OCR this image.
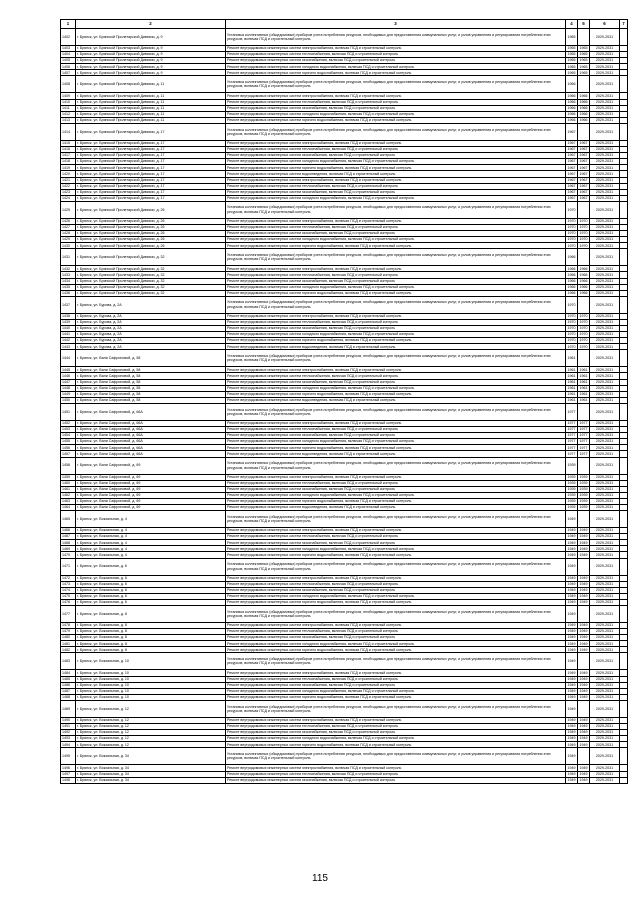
1	2	3	4	5	6	7
1402	г. Брянск, ул. Брянской Пролетарской Дивизии, д. 9	Установка коллективных (общедомовых) приборов учета потребления ресурсов, необходимых для предоставления коммунальных услуг, и узлов управления и регулирования потребления этих ресурсов, включая ПСД и строительный контроль	1965		2029-2031	
1403	г. Брянск, ул. Брянской Пролетарской Дивизии, д. 9	Ремонт внутридомовых инженерных систем электроснабжения, включая ПСД и строительный контроль	1965	1965	2029-2031	
1404	г. Брянск, ул. Брянской Пролетарской Дивизии, д. 9	Ремонт внутридомовых инженерных систем теплоснабжения, включая ПСД и строительный контроль	1965	1965	2029-2031	
1405	г. Брянск, ул. Брянской Пролетарской Дивизии, д. 9	Ремонт внутридомовых инженерных систем газоснабжения, включая ПСД и строительный контроль	1965	1965	2029-2031	
1406	г. Брянск, ул. Брянской Пролетарской Дивизии, д. 9	Ремонт внутридомовых инженерных систем холодного водоснабжения, включая ПСД и строительный контроль	1965	1965	2029-2031	
1407	г. Брянск, ул. Брянской Пролетарской Дивизии, д. 9	Ремонт внутридомовых инженерных систем горячего водоснабжения, включая ПСД и строительный контроль	1965	1965	2029-2031	
1408	г. Брянск, ул. Брянской Пролетарской Дивизии, д. 11	Установка коллективных (общедомовых) приборов учета потребления ресурсов, необходимых для предоставления коммунальных услуг, и узлов управления и регулирования потребления этих ресурсов, включая ПСД и строительный контроль	1966		2029-2031	
1409	г. Брянск, ул. Брянской Пролетарской Дивизии, д. 11	Ремонт внутридомовых инженерных систем электроснабжения, включая ПСД и строительный контроль	1966	1966	2029-2031	
1410	г. Брянск, ул. Брянской Пролетарской Дивизии, д. 11	Ремонт внутридомовых инженерных систем теплоснабжения, включая ПСД и строительный контроль	1966	1966	2029-2031	
1411	г. Брянск, ул. Брянской Пролетарской Дивизии, д. 11	Ремонт внутридомовых инженерных систем газоснабжения, включая ПСД и строительный контроль	1966	1966	2029-2031	
1412	г. Брянск, ул. Брянской Пролетарской Дивизии, д. 11	Ремонт внутридомовых инженерных систем холодного водоснабжения, включая ПСД и строительный контроль	1966	1966	2029-2031	
1413	г. Брянск, ул. Брянской Пролетарской Дивизии, д. 11	Ремонт внутридомовых инженерных систем горячего водоснабжения, включая ПСД и строительный контроль	1966	1966	2029-2031	
1414	г. Брянск, ул. Брянской Пролетарской Дивизии, д. 17	Установка коллективных (общедомовых) приборов учета потребления ресурсов, необходимых для предоставления коммунальных услуг, и узлов управления и регулирования потребления этих ресурсов, включая ПСД и строительный контроль	1967		2029-2031	
1415	г. Брянск, ул. Брянской Пролетарской Дивизии, д. 17	Ремонт внутридомовых инженерных систем электроснабжения, включая ПСД и строительный контроль	1967	1967	2029-2031	
1416	г. Брянск, ул. Брянской Пролетарской Дивизии, д. 17	Ремонт внутридомовых инженерных систем теплоснабжения, включая ПСД и строительный контроль	1967	1967	2029-2031	
1417	г. Брянск, ул. Брянской Пролетарской Дивизии, д. 17	Ремонт внутридомовых инженерных систем газоснабжения, включая ПСД и строительный контроль	1967	1967	2029-2031	
1418	г. Брянск, ул. Брянской Пролетарской Дивизии, д. 17	Ремонт внутридомовых инженерных систем холодного водоснабжения, включая ПСД и строительный контроль	1967	1967	2029-2031	
1419	г. Брянск, ул. Брянской Пролетарской Дивизии, д. 17	Ремонт внутридомовых инженерных систем горячего водоснабжения, включая ПСД и строительный контроль	1967	1967	2029-2031	
1420	г. Брянск, ул. Брянской Пролетарской Дивизии, д. 17	Ремонт внутридомовых инженерных систем водоотведения, включая ПСД и строительный контроль	1967	1967	2029-2031	
1421	г. Брянск, ул. Брянской Пролетарской Дивизии, д. 17	Ремонт внутридомовых инженерных систем электроснабжения, включая ПСД и строительный контроль	1967	1967	2029-2031	
1422	г. Брянск, ул. Брянской Пролетарской Дивизии, д. 17	Ремонт внутридомовых инженерных систем теплоснабжения, включая ПСД и строительный контроль	1967	1967	2029-2031	
1423	г. Брянск, ул. Брянской Пролетарской Дивизии, д. 17	Ремонт внутридомовых инженерных систем газоснабжения, включая ПСД и строительный контроль	1967	1967	2029-2031	
1424	г. Брянск, ул. Брянской Пролетарской Дивизии, д. 17	Ремонт внутридомовых инженерных систем холодного водоснабжения, включая ПСД и строительный контроль	1967	1967	2029-2031	
1425	г. Брянск, ул. Брянской Пролетарской Дивизии, д. 26	Установка коллективных (общедомовых) приборов учета потребления ресурсов, необходимых для предоставления коммунальных услуг, и узлов управления и регулирования потребления этих ресурсов, включая ПСД и строительный контроль	1970		2029-2031	
1426	г. Брянск, ул. Брянской Пролетарской Дивизии, д. 26	Ремонт внутридомовых инженерных систем электроснабжения, включая ПСД и строительный контроль	1970	1970	2029-2031	
1427	г. Брянск, ул. Брянской Пролетарской Дивизии, д. 26	Ремонт внутридомовых инженерных систем теплоснабжения, включая ПСД и строительный контроль	1970	1970	2029-2031	
1428	г. Брянск, ул. Брянской Пролетарской Дивизии, д. 26	Ремонт внутридомовых инженерных систем газоснабжения, включая ПСД и строительный контроль	1970	1970	2029-2031	
1429	г. Брянск, ул. Брянской Пролетарской Дивизии, д. 26	Ремонт внутридомовых инженерных систем холодного водоснабжения, включая ПСД и строительный контроль	1970	1970	2029-2031	
1430	г. Брянск, ул. Брянской Пролетарской Дивизии, д. 26	Ремонт внутридомовых инженерных систем горячего водоснабжения, включая ПСД и строительный контроль	1970	1970	2029-2031	
1431	г. Брянск, ул. Брянской Пролетарской Дивизии, д. 32	Установка коллективных (общедомовых) приборов учета потребления ресурсов, необходимых для предоставления коммунальных услуг, и узлов управления и регулирования потребления этих ресурсов, включая ПСД и строительный контроль	1966		2029-2031	
1432	г. Брянск, ул. Брянской Пролетарской Дивизии, д. 32	Ремонт внутридомовых инженерных систем электроснабжения, включая ПСД и строительный контроль	1966	1966	2029-2031	
1433	г. Брянск, ул. Брянской Пролетарской Дивизии, д. 32	Ремонт внутридомовых инженерных систем теплоснабжения, включая ПСД и строительный контроль	1966	1966	2029-2031	
1434	г. Брянск, ул. Брянской Пролетарской Дивизии, д. 32	Ремонт внутридомовых инженерных систем газоснабжения, включая ПСД и строительный контроль	1966	1966	2029-2031	
1435	г. Брянск, ул. Брянской Пролетарской Дивизии, д. 32	Ремонт внутридомовых инженерных систем холодного водоснабжения, включая ПСД и строительный контроль	1966	1966	2029-2031	
1436	г. Брянск, ул. Брянской Пролетарской Дивизии, д. 32	Ремонт внутридомовых инженерных систем горячего водоснабжения, включая ПСД и строительный контроль	1966	1966	2029-2031	
1437	г. Брянск, ул. Бурова, д. 2А	Установка коллективных (общедомовых) приборов учета потребления ресурсов, необходимых для предоставления коммунальных услуг, и узлов управления и регулирования потребления этих ресурсов, включая ПСД и строительный контроль	1970		2029-2031	
1438	г. Брянск, ул. Бурова, д. 2А	Ремонт внутридомовых инженерных систем электроснабжения, включая ПСД и строительный контроль	1970	1970	2029-2031	
1439	г. Брянск, ул. Бурова, д. 2А	Ремонт внутридомовых инженерных систем теплоснабжения, включая ПСД и строительный контроль	1970	1970	2029-2031	
1440	г. Брянск, ул. Бурова, д. 2А	Ремонт внутридомовых инженерных систем газоснабжения, включая ПСД и строительный контроль	1970	1970	2029-2031	
1441	г. Брянск, ул. Бурова, д. 2А	Ремонт внутридомовых инженерных систем холодного водоснабжения, включая ПСД и строительный контроль	1970	1970	2029-2031	
1442	г. Брянск, ул. Бурова, д. 2А	Ремонт внутридомовых инженерных систем горячего водоснабжения, включая ПСД и строительный контроль	1970	1970	2029-2031	
1443	г. Брянск, ул. Бурова, д. 2А	Ремонт внутридомовых инженерных систем водоотведения, включая ПСД и строительный контроль	1970	1970	2029-2031	
1444	г. Брянск, ул. Вали Сафроновой, д. 58	Установка коллективных (общедомовых) приборов учета потребления ресурсов, необходимых для предоставления коммунальных услуг, и узлов управления и регулирования потребления этих ресурсов, включая ПСД и строительный контроль	1961		2029-2031	
1445	г. Брянск, ул. Вали Сафроновой, д. 58	Ремонт внутридомовых инженерных систем электроснабжения, включая ПСД и строительный контроль	1961	1961	2029-2031	
1446	г. Брянск, ул. Вали Сафроновой, д. 58	Ремонт внутридомовых инженерных систем теплоснабжения, включая ПСД и строительный контроль	1961	1961	2029-2031	
1447	г. Брянск, ул. Вали Сафроновой, д. 58	Ремонт внутридомовых инженерных систем газоснабжения, включая ПСД и строительный контроль	1961	1961	2029-2031	
1448	г. Брянск, ул. Вали Сафроновой, д. 58	Ремонт внутридомовых инженерных систем холодного водоснабжения, включая ПСД и строительный контроль	1961	1961	2029-2031	
1449	г. Брянск, ул. Вали Сафроновой, д. 58	Ремонт внутридомовых инженерных систем горячего водоснабжения, включая ПСД и строительный контроль	1961	1961	2029-2031	
1450	г. Брянск, ул. Вали Сафроновой, д. 58	Ремонт внутридомовых инженерных систем водоотведения, включая ПСД и строительный контроль	1961	1961	2029-2031	
1451	г. Брянск, ул. Вали Сафроновой, д. 66А	Установка коллективных (общедомовых) приборов учета потребления ресурсов, необходимых для предоставления коммунальных услуг, и узлов управления и регулирования потребления этих ресурсов, включая ПСД и строительный контроль	1977		2029-2031	
1452	г. Брянск, ул. Вали Сафроновой, д. 66А	Ремонт внутридомовых инженерных систем электроснабжения, включая ПСД и строительный контроль	1977	1977	2029-2031	
1453	г. Брянск, ул. Вали Сафроновой, д. 66А	Ремонт внутридомовых инженерных систем теплоснабжения, включая ПСД и строительный контроль	1977	1977	2029-2031	
1454	г. Брянск, ул. Вали Сафроновой, д. 66А	Ремонт внутридомовых инженерных систем газоснабжения, включая ПСД и строительный контроль	1977	1977	2029-2031	
1455	г. Брянск, ул. Вали Сафроновой, д. 66А	Ремонт внутридомовых инженерных систем холодного водоснабжения, включая ПСД и строительный контроль	1977	1977	2029-2031	
1456	г. Брянск, ул. Вали Сафроновой, д. 66А	Ремонт внутридомовых инженерных систем горячего водоснабжения, включая ПСД и строительный контроль	1977	1977	2029-2031	
1457	г. Брянск, ул. Вали Сафроновой, д. 66А	Ремонт внутридомовых инженерных систем водоотведения, включая ПСД и строительный контроль	1977	1977	2029-2031	
1458	г. Брянск, ул. Вали Сафроновой, д. 69	Установка коллективных (общедомовых) приборов учета потребления ресурсов, необходимых для предоставления коммунальных услуг, и узлов управления и регулирования потребления этих ресурсов, включая ПСД и строительный контроль	1939		2029-2031	
1459	г. Брянск, ул. Вали Сафроновой, д. 69	Ремонт внутридомовых инженерных систем электроснабжения, включая ПСД и строительный контроль	1939	1939	2029-2031	
1460	г. Брянск, ул. Вали Сафроновой, д. 69	Ремонт внутридомовых инженерных систем теплоснабжения, включая ПСД и строительный контроль	1939	1939	2029-2031	
1461	г. Брянск, ул. Вали Сафроновой, д. 69	Ремонт внутридомовых инженерных систем газоснабжения, включая ПСД и строительный контроль	1939	1939	2029-2031	
1462	г. Брянск, ул. Вали Сафроновой, д. 69	Ремонт внутридомовых инженерных систем холодного водоснабжения, включая ПСД и строительный контроль	1939	1939	2029-2031	
1463	г. Брянск, ул. Вали Сафроновой, д. 69	Ремонт внутридомовых инженерных систем горячего водоснабжения, включая ПСД и строительный контроль	1939	1939	2029-2031	
1464	г. Брянск, ул. Вали Сафроновой, д. 69	Ремонт внутридомовых инженерных систем водоотведения, включая ПСД и строительный контроль	1939	1939	2029-2031	
1465	г. Брянск, ул. Вокзальная, д. 4	Установка коллективных (общедомовых) приборов учета потребления ресурсов, необходимых для предоставления коммунальных услуг, и узлов управления и регулирования потребления этих ресурсов, включая ПСД и строительный контроль	1949		2029-2031	
1466	г. Брянск, ул. Вокзальная, д. 4	Ремонт внутридомовых инженерных систем электроснабжения, включая ПСД и строительный контроль	1949	1949	2029-2031	
1467	г. Брянск, ул. Вокзальная, д. 4	Ремонт внутридомовых инженерных систем теплоснабжения, включая ПСД и строительный контроль	1949	1949	2029-2031	
1468	г. Брянск, ул. Вокзальная, д. 4	Ремонт внутридомовых инженерных систем газоснабжения, включая ПСД и строительный контроль	1949	1949	2029-2031	
1469	г. Брянск, ул. Вокзальная, д. 4	Ремонт внутридомовых инженерных систем холодного водоснабжения, включая ПСД и строительный контроль	1949	1949	2029-2031	
1470	г. Брянск, ул. Вокзальная, д. 4	Ремонт внутридомовых инженерных систем горячего водоснабжения, включая ПСД и строительный контроль	1949	1949	2029-2031	
1471	г. Брянск, ул. Вокзальная, д. 6	Установка коллективных (общедомовых) приборов учета потребления ресурсов, необходимых для предоставления коммунальных услуг, и узлов управления и регулирования потребления этих ресурсов, включая ПСД и строительный контроль	1949		2029-2031	
1472	г. Брянск, ул. Вокзальная, д. 6	Ремонт внутридомовых инженерных систем электроснабжения, включая ПСД и строительный контроль	1949	1949	2029-2031	
1473	г. Брянск, ул. Вокзальная, д. 6	Ремонт внутридомовых инженерных систем теплоснабжения, включая ПСД и строительный контроль	1949	1949	2029-2031	
1474	г. Брянск, ул. Вокзальная, д. 6	Ремонт внутридомовых инженерных систем газоснабжения, включая ПСД и строительный контроль	1949	1949	2029-2031	
1475	г. Брянск, ул. Вокзальная, д. 6	Ремонт внутридомовых инженерных систем холодного водоснабжения, включая ПСД и строительный контроль	1949	1949	2029-2031	
1476	г. Брянск, ул. Вокзальная, д. 6	Ремонт внутридомовых инженерных систем горячего водоснабжения, включая ПСД и строительный контроль	1949	1949	2029-2031	
1477	г. Брянск, ул. Вокзальная, д. 8	Установка коллективных (общедомовых) приборов учета потребления ресурсов, необходимых для предоставления коммунальных услуг, и узлов управления и регулирования потребления этих ресурсов, включая ПСД и строительный контроль	1949		2029-2031	
1478	г. Брянск, ул. Вокзальная, д. 8	Ремонт внутридомовых инженерных систем электроснабжения, включая ПСД и строительный контроль	1949	1949	2029-2031	
1479	г. Брянск, ул. Вокзальная, д. 8	Ремонт внутридомовых инженерных систем теплоснабжения, включая ПСД и строительный контроль	1949	1949	2029-2031	
1480	г. Брянск, ул. Вокзальная, д. 8	Ремонт внутридомовых инженерных систем газоснабжения, включая ПСД и строительный контроль	1949	1949	2029-2031	
1481	г. Брянск, ул. Вокзальная, д. 8	Ремонт внутридомовых инженерных систем холодного водоснабжения, включая ПСД и строительный контроль	1949	1949	2029-2031	
1482	г. Брянск, ул. Вокзальная, д. 8	Ремонт внутридомовых инженерных систем горячего водоснабжения, включая ПСД и строительный контроль	1949	1949	2029-2031	
1483	г. Брянск, ул. Вокзальная, д. 10	Установка коллективных (общедомовых) приборов учета потребления ресурсов, необходимых для предоставления коммунальных услуг, и узлов управления и регулирования потребления этих ресурсов, включая ПСД и строительный контроль	1949		2029-2031	
1484	г. Брянск, ул. Вокзальная, д. 10	Ремонт внутридомовых инженерных систем электроснабжения, включая ПСД и строительный контроль	1949	1949	2029-2031	
1485	г. Брянск, ул. Вокзальная, д. 10	Ремонт внутридомовых инженерных систем теплоснабжения, включая ПСД и строительный контроль	1949	1949	2029-2031	
1486	г. Брянск, ул. Вокзальная, д. 10	Ремонт внутридомовых инженерных систем газоснабжения, включая ПСД и строительный контроль	1949	1949	2029-2031	
1487	г. Брянск, ул. Вокзальная, д. 10	Ремонт внутридомовых инженерных систем холодного водоснабжения, включая ПСД и строительный контроль	1949	1949	2029-2031	
1488	г. Брянск, ул. Вокзальная, д. 10	Ремонт внутридомовых инженерных систем горячего водоснабжения, включая ПСД и строительный контроль	1949	1949	2029-2031	
1489	г. Брянск, ул. Вокзальная, д. 12	Установка коллективных (общедомовых) приборов учета потребления ресурсов, необходимых для предоставления коммунальных услуг, и узлов управления и регулирования потребления этих ресурсов, включая ПСД и строительный контроль	1949		2029-2031	
1490	г. Брянск, ул. Вокзальная, д. 12	Ремонт внутридомовых инженерных систем электроснабжения, включая ПСД и строительный контроль	1949	1949	2029-2031	
1491	г. Брянск, ул. Вокзальная, д. 12	Ремонт внутридомовых инженерных систем теплоснабжения, включая ПСД и строительный контроль	1949	1949	2029-2031	
1492	г. Брянск, ул. Вокзальная, д. 12	Ремонт внутридомовых инженерных систем газоснабжения, включая ПСД и строительный контроль	1949	1949	2029-2031	
1493	г. Брянск, ул. Вокзальная, д. 12	Ремонт внутридомовых инженерных систем холодного водоснабжения, включая ПСД и строительный контроль	1949	1949	2029-2031	
1494	г. Брянск, ул. Вокзальная, д. 12	Ремонт внутридомовых инженерных систем горячего водоснабжения, включая ПСД и строительный контроль	1949	1949	2029-2031	
1495	г. Брянск, ул. Вокзальная, д. 34	Установка коллективных (общедомовых) приборов учета потребления ресурсов, необходимых для предоставления коммунальных услуг, и узлов управления и регулирования потребления этих ресурсов, включая ПСД и строительный контроль	1949		2029-2031	
1496	г. Брянск, ул. Вокзальная, д. 34	Ремонт внутридомовых инженерных систем электроснабжения, включая ПСД и строительный контроль	1949	1949	2029-2031	
1497	г. Брянск, ул. Вокзальная, д. 34	Ремонт внутридомовых инженерных систем теплоснабжения, включая ПСД и строительный контроль	1949	1949	2029-2031	
1498	г. Брянск, ул. Вокзальная, д. 34	Ремонт внутридомовых инженерных систем газоснабжения, включая ПСД и строительный контроль	1949	1949	2029-2031	
115
